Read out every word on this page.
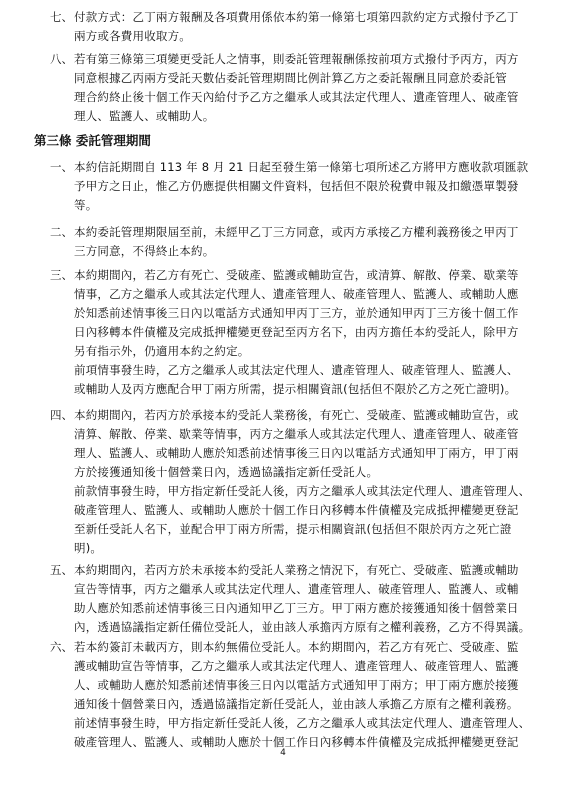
七、 付款方式：乙丁兩方報酬及各項費用係依本約第一條第七項第四款約定方式撥付予乙丁
兩方或各費用收取方。
八、 若有第三條第三項變更受託人之情事，則委託管理報酬係按前項方式撥付予丙方，丙方
同意根據乙丙兩方受託天數佔委託管理期間比例計算乙方之委託報酬且同意於委託管
理合約終止後十個工作天內給付予乙方之繼承人或其法定代理人、遺產管理人、破產管
理人、監護人、或輔助人。
第三條 委託管理期間
一、 本約信託期間自 113 年 8 月 21 日起至發生第一條第七項所述乙方將甲方應收款項匯款
予甲方之日止，惟乙方仍應提供相關文件資料，包括但不限於稅費申報及扣繳憑單製發
等。
二、 本約委託管理期限屆至前，未經甲乙丁三方同意，或丙方承接乙方權利義務後之甲丙丁
三方同意，不得終止本約。
三、 本約期間內，若乙方有死亡、受破產、監護或輔助宣告，或清算、解散、停業、歇業等
情事，乙方之繼承人或其法定代理人、遺產管理人、破產管理人、監護人、或輔助人應
於知悉前述情事後三日內以電話方式通知甲丙丁三方，並於通知甲丙丁三方後十個工作
日內移轉本件債權及完成抵押權變更登記至丙方名下，由丙方擔任本約受託人，除甲方
另有指示外，仍適用本約之約定。
前項情事發生時，乙方之繼承人或其法定代理人、遺產管理人、破產管理人、監護人、
或輔助人及丙方應配合甲丁兩方所需，提示相關資訊(包括但不限於乙方之死亡證明)。
四、 本約期間內，若丙方於承接本約受託人業務後，有死亡、受破產、監護或輔助宣告，或
清算、解散、停業、歇業等情事，丙方之繼承人或其法定代理人、遺產管理人、破產管
理人、監護人、或輔助人應於知悉前述情事後三日內以電話方式通知甲丁兩方，甲丁兩
方於接獲通知後十個營業日內，透過協議指定新任受託人。
前款情事發生時，甲方指定新任受託人後，丙方之繼承人或其法定代理人、遺產管理人、
破產管理人、監護人、或輔助人應於十個工作日內移轉本件債權及完成抵押權變更登記
至新任受託人名下，並配合甲丁兩方所需，提示相關資訊(包括但不限於丙方之死亡證
明)。
五、 本約期間內，若丙方於未承接本約受託人業務之情況下，有死亡、受破產、監護或輔助
宣告等情事，丙方之繼承人或其法定代理人、遺產管理人、破產管理人、監護人、或輔
助人應於知悉前述情事後三日內通知甲乙丁三方。甲丁兩方應於接獲通知後十個營業日
內，透過協議指定新任備位受託人，並由該人承擔丙方原有之權利義務，乙方不得異議。
六、 若本約簽訂未載丙方，則本約無備位受託人。本約期間內，若乙方有死亡、受破產、監
護或輔助宣告等情事，乙方之繼承人或其法定代理人、遺產管理人、破產管理人、監護
人、或輔助人應於知悉前述情事後三日內以電話方式通知甲丁兩方；甲丁兩方應於接獲
通知後十個營業日內，透過協議指定新任受託人，並由該人承擔乙方原有之權利義務。
前述情事發生時，甲方指定新任受託人後，乙方之繼承人或其法定代理人、遺產管理人、
破產管理人、監護人、或輔助人應於十個工作日內移轉本件債權及完成抵押權變更登記
4
